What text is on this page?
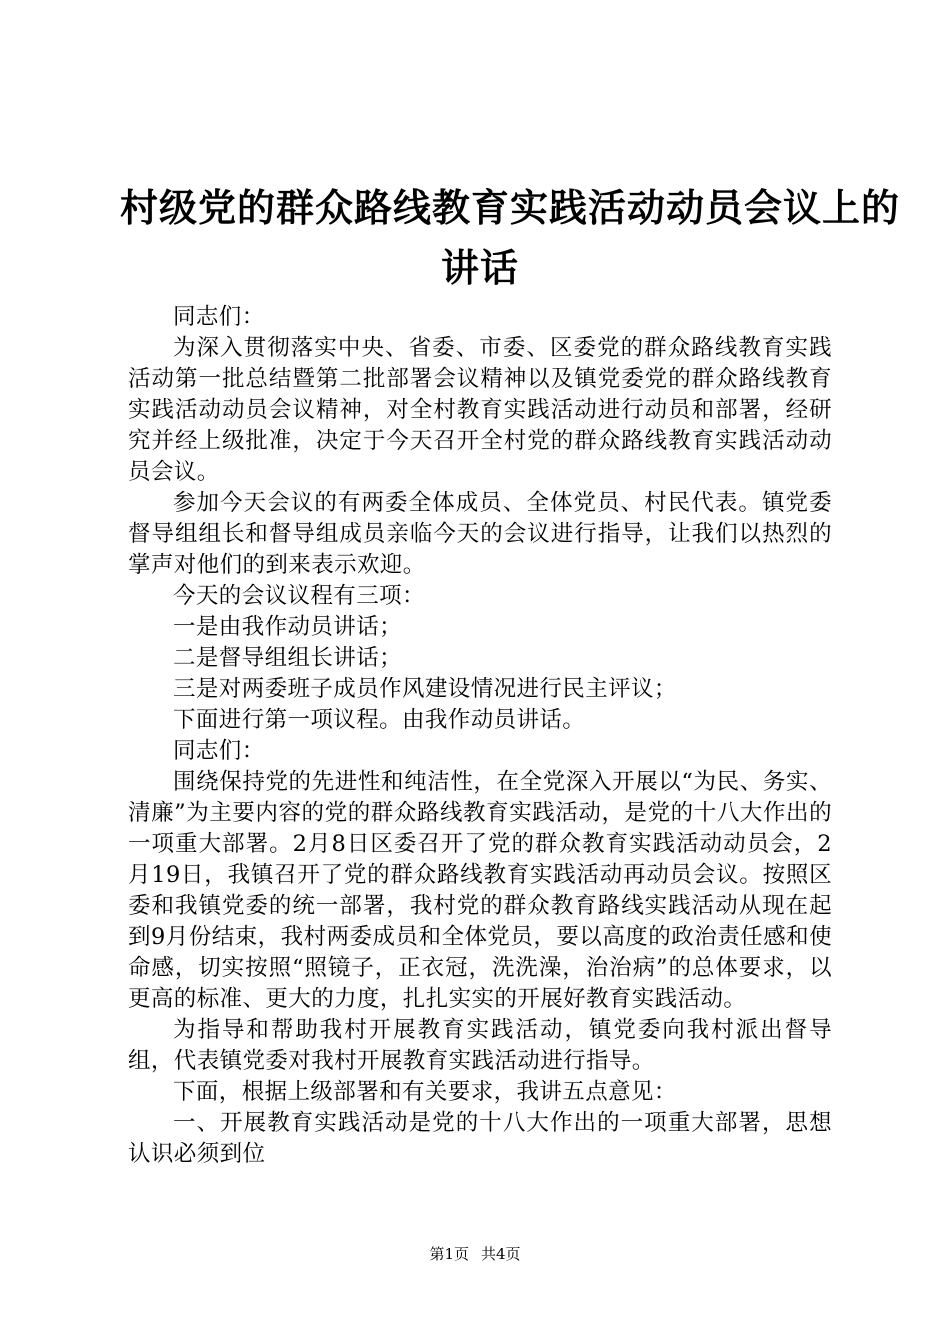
村级党的群众路线教育实践活动动员会议上的
讲话

同志们：

为深入贯彻落实中央、省委、市委、区委党的群众路线教育实践活动第一批总结暨第二批部署会议精神以及镇党委党的群众路线教育实践活动动员会议精神，对全村教育实践活动进行动员和部署，经研究并经上级批准，决定于今天召开全村党的群众路线教育实践活动动员会议。

参加今天会议的有两委全体成员、全体党员、村民代表。镇党委督导组组长和督导组成员亲临今天的会议进行指导，让我们以热烈的掌声对他们的到来表示欢迎。

今天的会议议程有三项：

一是由我作动员讲话；

二是督导组组长讲话；

三是对两委班子成员作风建设情况进行民主评议；

下面进行第一项议程。由我作动员讲话。

同志们：

围绕保持党的先进性和纯洁性，在全党深入开展以“为民、务实、清廉”为主要内容的党的群众路线教育实践活动，是党的十八大作出的一项重大部署。2月8日区委召开了党的群众教育实践活动动员会，2月19日，我镇召开了党的群众路线教育实践活动再动员会议。按照区委和我镇党委的统一部署，我村党的群众教育路线实践活动从现在起到9月份结束，我村两委成员和全体党员，要以高度的政治责任感和使命感，切实按照“照镜子，正衣冠，洗洗澡，治治病”的总体要求，以更高的标准、更大的力度，扎扎实实的开展好教育实践活动。

为指导和帮助我村开展教育实践活动，镇党委向我村派出督导组，代表镇党委对我村开展教育实践活动进行指导。

下面，根据上级部署和有关要求，我讲五点意见：

一、开展教育实践活动是党的十八大作出的一项重大部署，思想认识必须到位

第1页 共4页
